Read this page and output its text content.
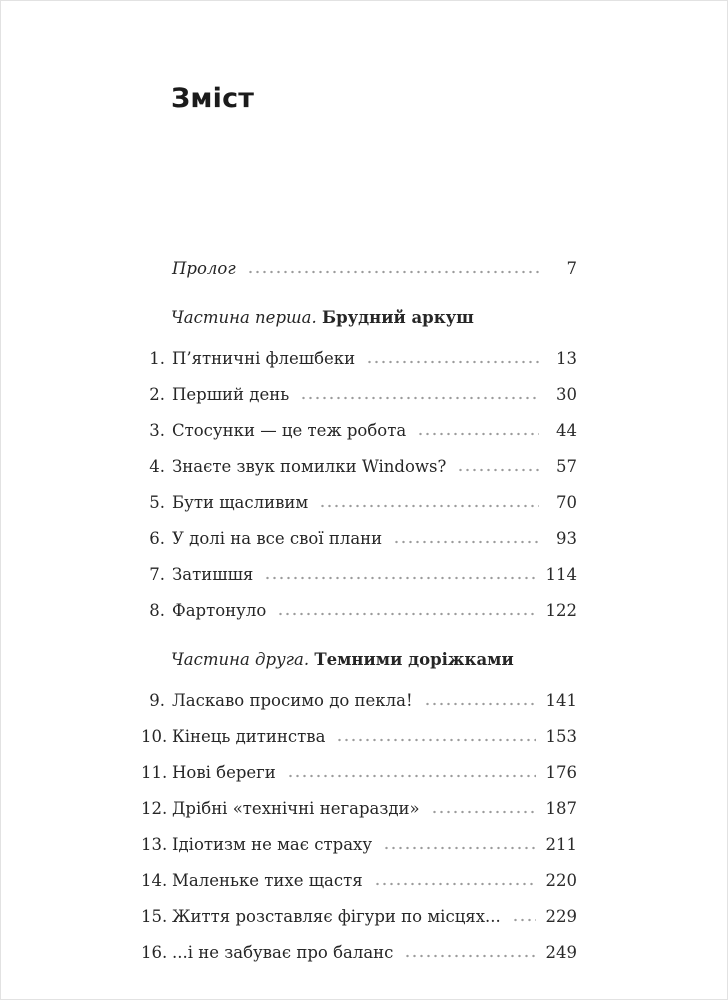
Зміст
Пролог	7
Частина перша. Брудний аркуш
1. П’ятничні флешбеки	13
2. Перший день	30
3. Стосунки — це теж робота	44
4. Знаєте звук помилки Windows?	57
5. Бути щасливим	70
6. У долі на все свої плани	93
7. Затишшя	114
8. Фартонуло	122
Частина друга. Темними доріжками
9. Ласкаво просимо до пекла!	141
10. Кінець дитинства	153
11. Нові береги	176
12. Дрібні «технічні негаразди»	187
13. Ідіотизм не має страху	211
14. Маленьке тихе щастя	220
15. Життя розставляє фігури по місцях...	229
16. ...і не забуває про баланс	249
